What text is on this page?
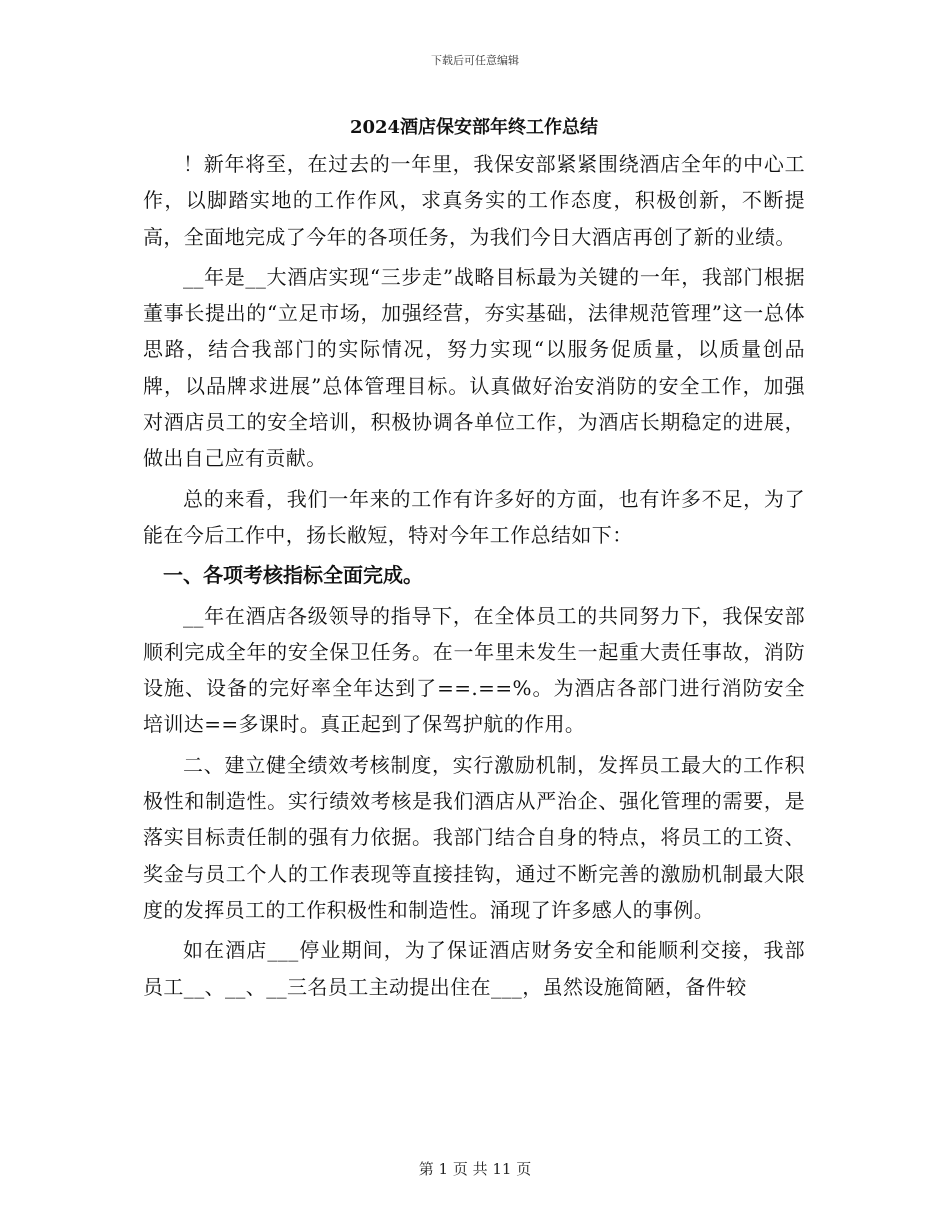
下载后可任意编辑
2024酒店保安部年终工作总结

！新年将至，在过去的一年里，我保安部紧紧围绕酒店全年的中心工作，以脚踏实地的工作作风，求真务实的工作态度，积极创新，不断提高，全面地完成了今年的各项任务，为我们今日大酒店再创了新的业绩。

__年是__大酒店实现“三步走”战略目标最为关键的一年，我部门根据董事长提出的“立足市场，加强经营，夯实基础，法律规范管理”这一总体思路，结合我部门的实际情况，努力实现“以服务促质量，以质量创品牌，以品牌求进展”总体管理目标。认真做好治安消防的安全工作，加强对酒店员工的安全培训，积极协调各单位工作，为酒店长期稳定的进展，做出自己应有贡献。

总的来看，我们一年来的工作有许多好的方面，也有许多不足，为了能在今后工作中，扬长敝短，特对今年工作总结如下：

一、各项考核指标全面完成。

__年在酒店各级领导的指导下，在全体员工的共同努力下，我保安部顺利完成全年的安全保卫任务。在一年里未发生一起重大责任事故，消防设施、设备的完好率全年达到了==.==%。为酒店各部门进行消防安全培训达==多课时。真正起到了保驾护航的作用。

二、建立健全绩效考核制度，实行激励机制，发挥员工最大的工作积极性和制造性。实行绩效考核是我们酒店从严治企、强化管理的需要，是落实目标责任制的强有力依据。我部门结合自身的特点，将员工的工资、奖金与员工个人的工作表现等直接挂钩，通过不断完善的激励机制最大限度的发挥员工的工作积极性和制造性。涌现了许多感人的事例。

如在酒店___停业期间，为了保证酒店财务安全和能顺利交接，我部员工__、__、__三名员工主动提出住在___，虽然设施简陋，备件较

第 1 页 共 11 页
